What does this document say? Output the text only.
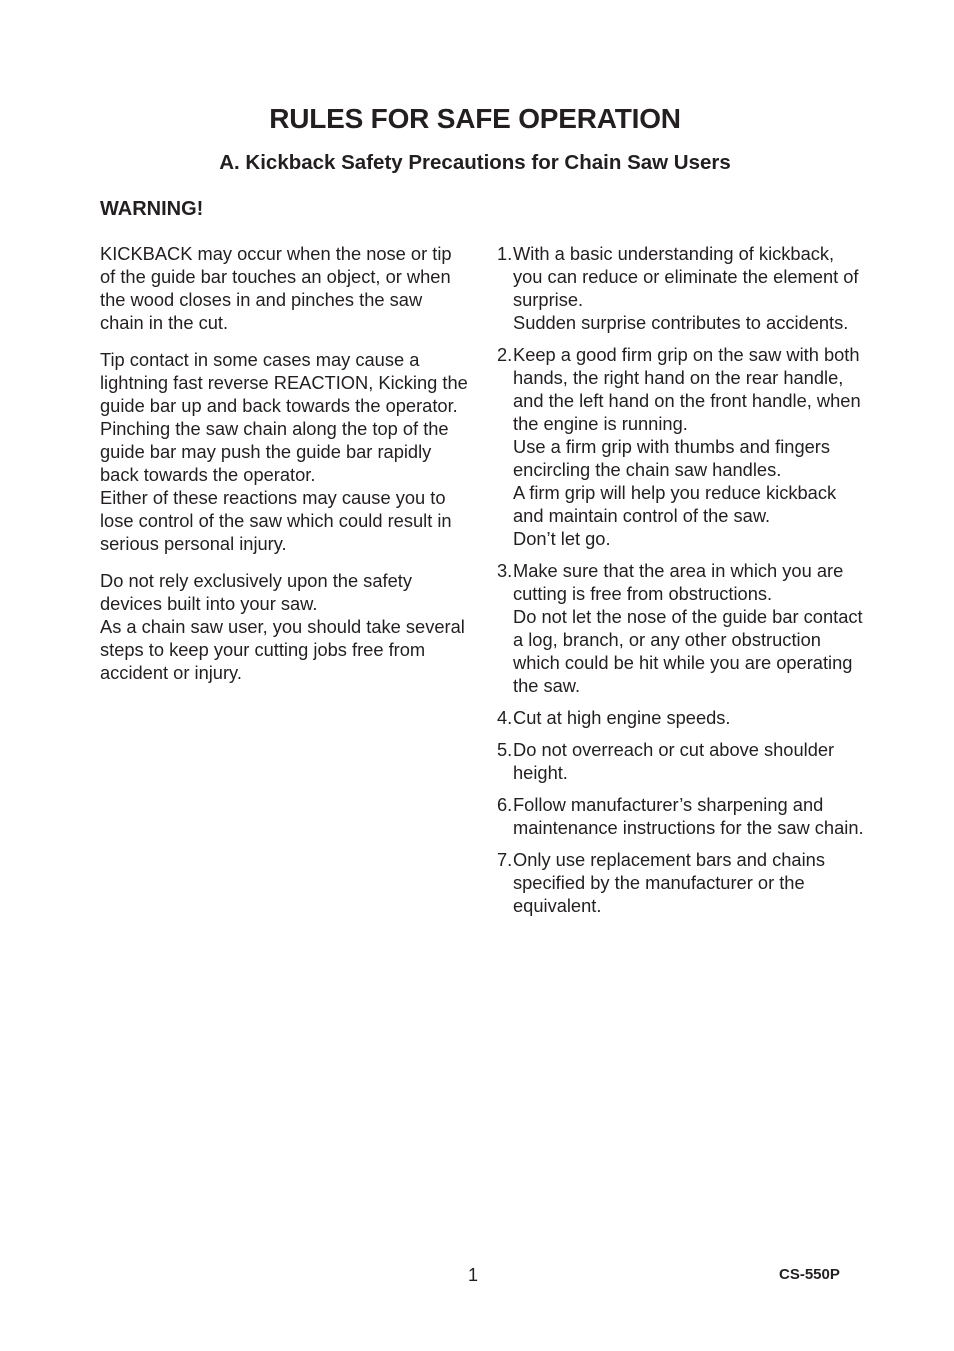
RULES FOR SAFE OPERATION
A. Kickback Safety Precautions for Chain Saw Users
WARNING!

KICKBACK may occur when the nose or tip of the guide bar touches an object, or when the wood closes in and pinches the saw chain in the cut.

Tip contact in some cases may cause a lightning fast reverse REACTION, Kicking the guide bar up and back towards the operator.
Pinching the saw chain along the top of the guide bar may push the guide bar rapidly back towards the operator.
Either of these reactions may cause you to lose control of the saw which could result in serious personal injury.

Do not rely exclusively upon the safety devices built into your saw.
As a chain saw user, you should take several steps to keep your cutting jobs free from accident or injury.

1. With a basic understanding of kickback, you can reduce or eliminate the element of surprise.
Sudden surprise contributes to accidents.
2. Keep a good firm grip on the saw with both hands, the right hand on the rear handle, and the left hand on the front handle, when the engine is running.
Use a firm grip with thumbs and fingers encircling the chain saw handles.
A firm grip will help you reduce kickback and maintain control of the saw.
Don’t let go.
3. Make sure that the area in which you are cutting is free from obstructions.
Do not let the nose of the guide bar contact a log, branch, or any other obstruction which could be hit while you are operating the saw.
4. Cut at high engine speeds.
5. Do not overreach or cut above shoulder height.
6. Follow manufacturer’s sharpening and maintenance instructions for the saw chain.
7. Only use replacement bars and chains specified by the manufacturer or the equivalent.
1	CS-550P
